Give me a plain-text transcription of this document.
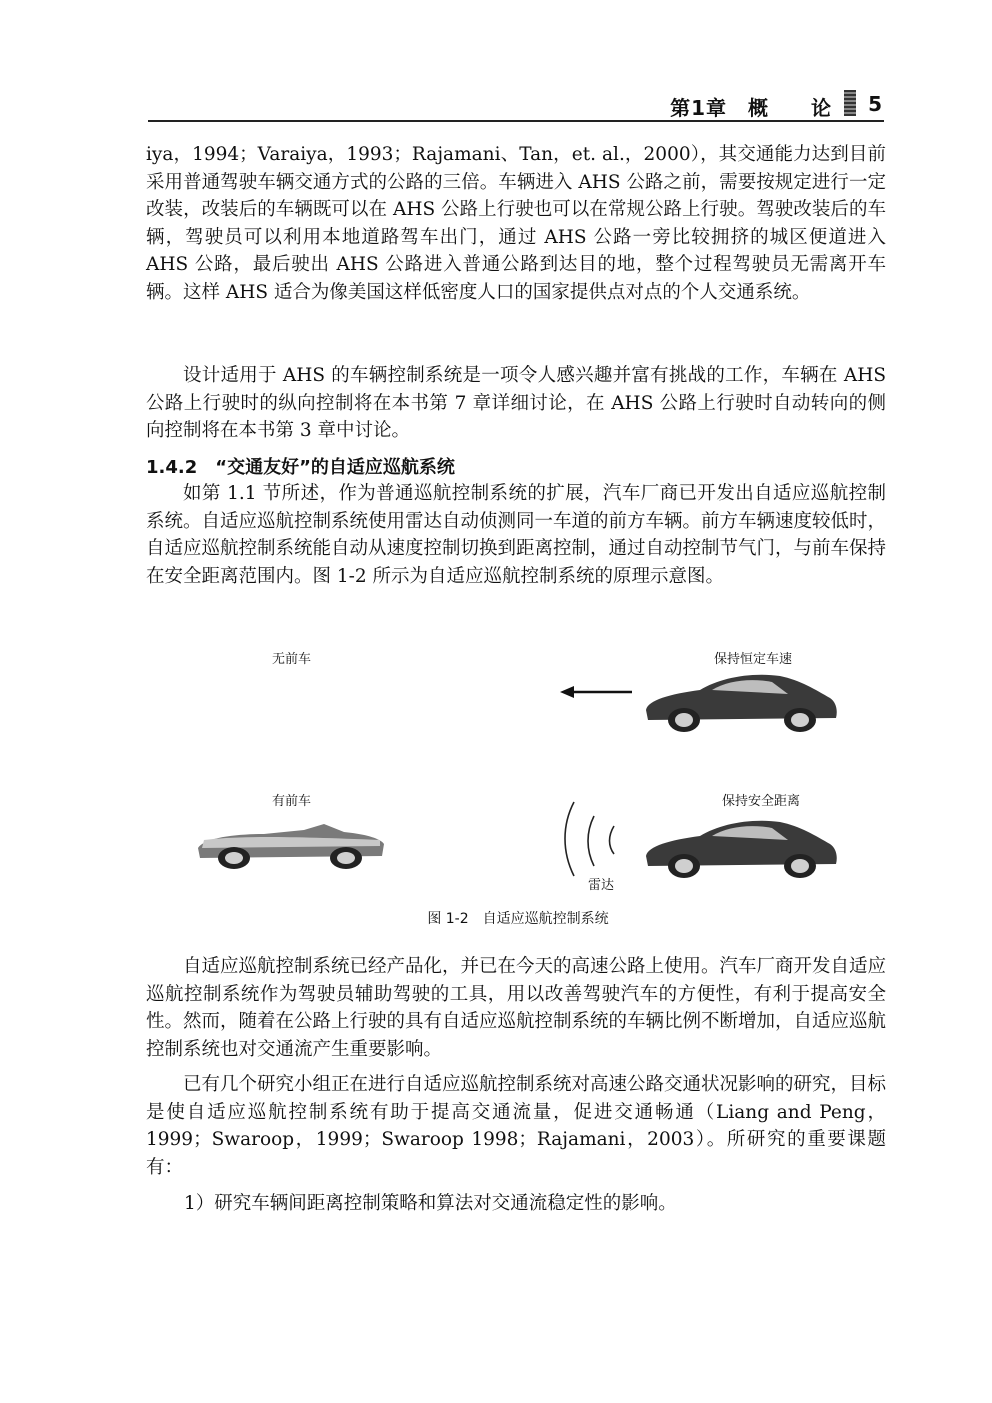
第1章　概　　论 5

iya，1994；Varaiya，1993；Rajamani、Tan，et. al.，2000），其交通能力达到目前采用普通驾驶车辆交通方式的公路的三倍。车辆进入 AHS 公路之前，需要按规定进行一定改装，改装后的车辆既可以在 AHS 公路上行驶也可以在常规公路上行驶。驾驶改装后的车辆，驾驶员可以利用本地道路驾车出门，通过 AHS 公路一旁比较拥挤的城区便道进入 AHS 公路，最后驶出 AHS 公路进入普通公路到达目的地，整个过程驾驶员无需离开车辆。这样 AHS 适合为像美国这样低密度人口的国家提供点对点的个人交通系统。

设计适用于 AHS 的车辆控制系统是一项令人感兴趣并富有挑战的工作，车辆在 AHS 公路上行驶时的纵向控制将在本书第 7 章详细讨论，在 AHS 公路上行驶时自动转向的侧向控制将在本书第 3 章中讨论。

1.4.2　“交通友好”的自适应巡航系统

如第 1.1 节所述，作为普通巡航控制系统的扩展，汽车厂商已开发出自适应巡航控制系统。自适应巡航控制系统使用雷达自动侦测同一车道的前方车辆。前方车辆速度较低时，自适应巡航控制系统能自动从速度控制切换到距离控制，通过自动控制节气门，与前车保持在安全距离范围内。图 1-2 所示为自适应巡航控制系统的原理示意图。

无前车	保持恒定车速
有前车	保持安全距离
雷达
图 1-2　自适应巡航控制系统

自适应巡航控制系统已经产品化，并已在今天的高速公路上使用。汽车厂商开发自适应巡航控制系统作为驾驶员辅助驾驶的工具，用以改善驾驶汽车的方便性，有利于提高安全性。然而，随着在公路上行驶的具有自适应巡航控制系统的车辆比例不断增加，自适应巡航控制系统也对交通流产生重要影响。

已有几个研究小组正在进行自适应巡航控制系统对高速公路交通状况影响的研究，目标是使自适应巡航控制系统有助于提高交通流量，促进交通畅通（Liang and Peng，1999；Swaroop，1999；Swaroop 1998；Rajamani，2003）。所研究的重要课题有：

1）研究车辆间距离控制策略和算法对交通流稳定性的影响。
